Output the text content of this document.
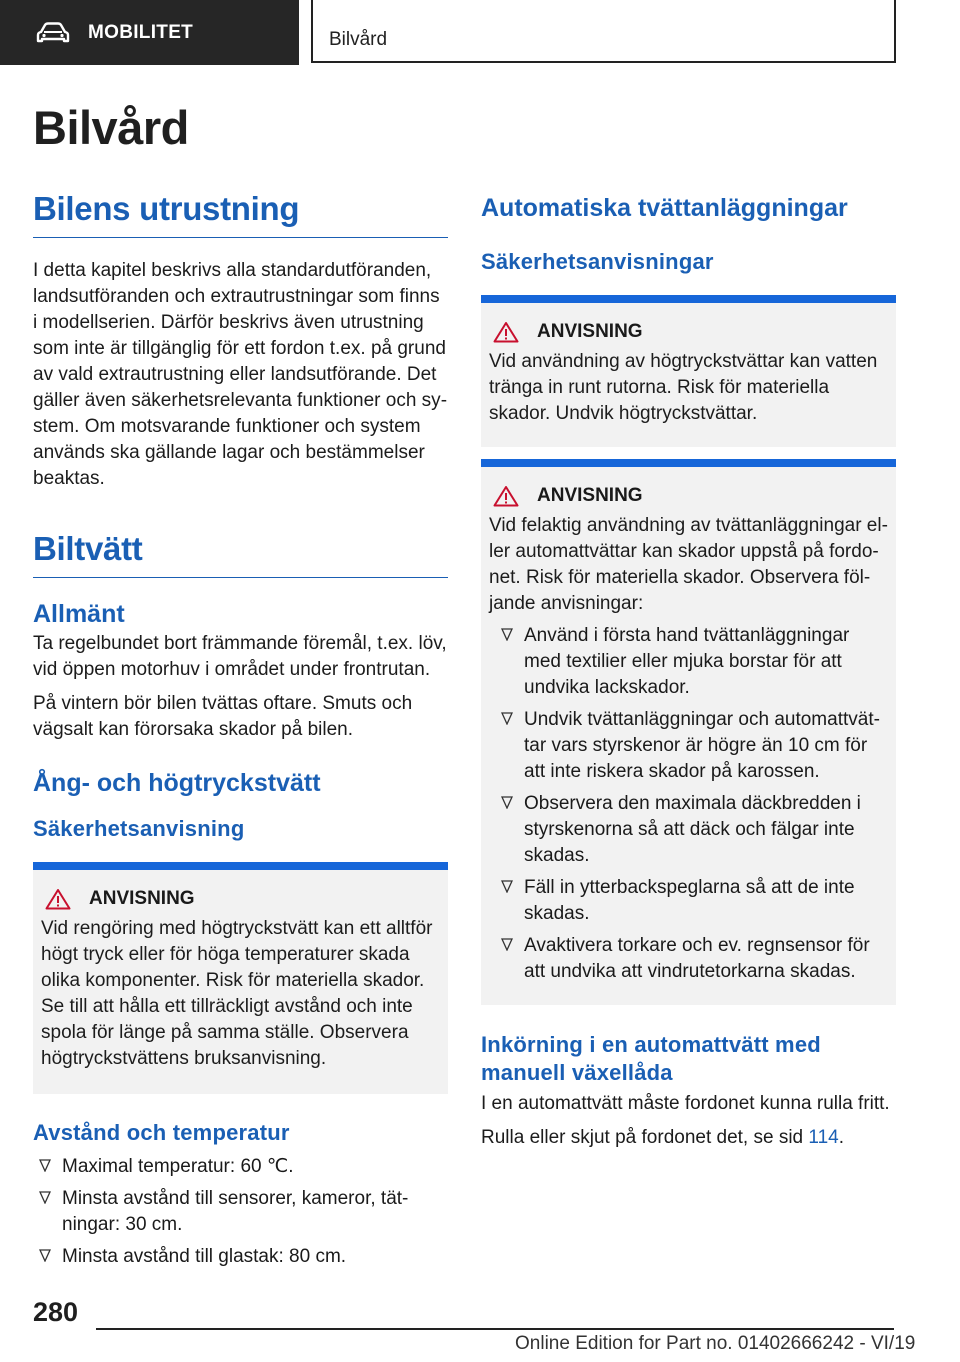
MOBILITET	Bilvård
Bilvård
Bilens utrustning

I detta kapitel beskrivs alla standardutföranden, landsutföranden och extrautrustningar som finns i modellserien. Därför beskrivs även utrustning som inte är tillgänglig för ett fordon t.ex. på grund av vald extrautrustning eller landsutförande. Det gäller även säkerhetsrelevanta funktioner och system. Om motsvarande funktioner och system används ska gällande lagar och bestämmelser beaktas.

Biltvätt
Allmänt

Ta regelbundet bort främmande föremål, t.ex. löv, vid öppen motorhuv i området under frontrutan.

På vintern bör bilen tvättas oftare. Smuts och vägsalt kan förorsaka skador på bilen.

Ång- och högtryckstvätt
Säkerhetsanvisning
ANVISNING

Vid rengöring med högtryckstvätt kan ett alltför högt tryck eller för höga temperaturer skada olika komponenter. Risk för materiella skador. Se till att hålla ett tillräckligt avstånd och inte spola för länge på samma ställe. Observera högtryckstvättens bruksanvisning.

Avstånd och temperatur
Maximal temperatur: 60 ℃.
Minsta avstånd till sensorer, kameror, tätningar: 30 cm.
Minsta avstånd till glastak: 80 cm.
Automatiska tvättanläggningar
Säkerhetsanvisningar
ANVISNING

Vid användning av högtryckstvättar kan vatten tränga in runt rutorna. Risk för materiella skador. Undvik högtryckstvättar.

ANVISNING

Vid felaktig användning av tvättanläggningar eller automattvättar kan skador uppstå på fordonet. Risk för materiella skador. Observera följande anvisningar:

Använd i första hand tvättanläggningar med textilier eller mjuka borstar för att undvika lackskador.
Undvik tvättanläggningar och automattvättar vars styrskenor är högre än 10 cm för att inte riskera skador på karossen.
Observera den maximala däckbredden i styrskenorna så att däck och fälgar inte skadas.
Fäll in ytterbackspeglarna så att de inte skadas.
Avaktivera torkare och ev. regnsensor för att undvika att vindrutetorkarna skadas.
Inkörning i en automattvätt med manuell växellåda

I en automattvätt måste fordonet kunna rulla fritt.

Rulla eller skjut på fordonet det, se sid 114.

280
Online Edition for Part no. 01402666242 - VI/19
